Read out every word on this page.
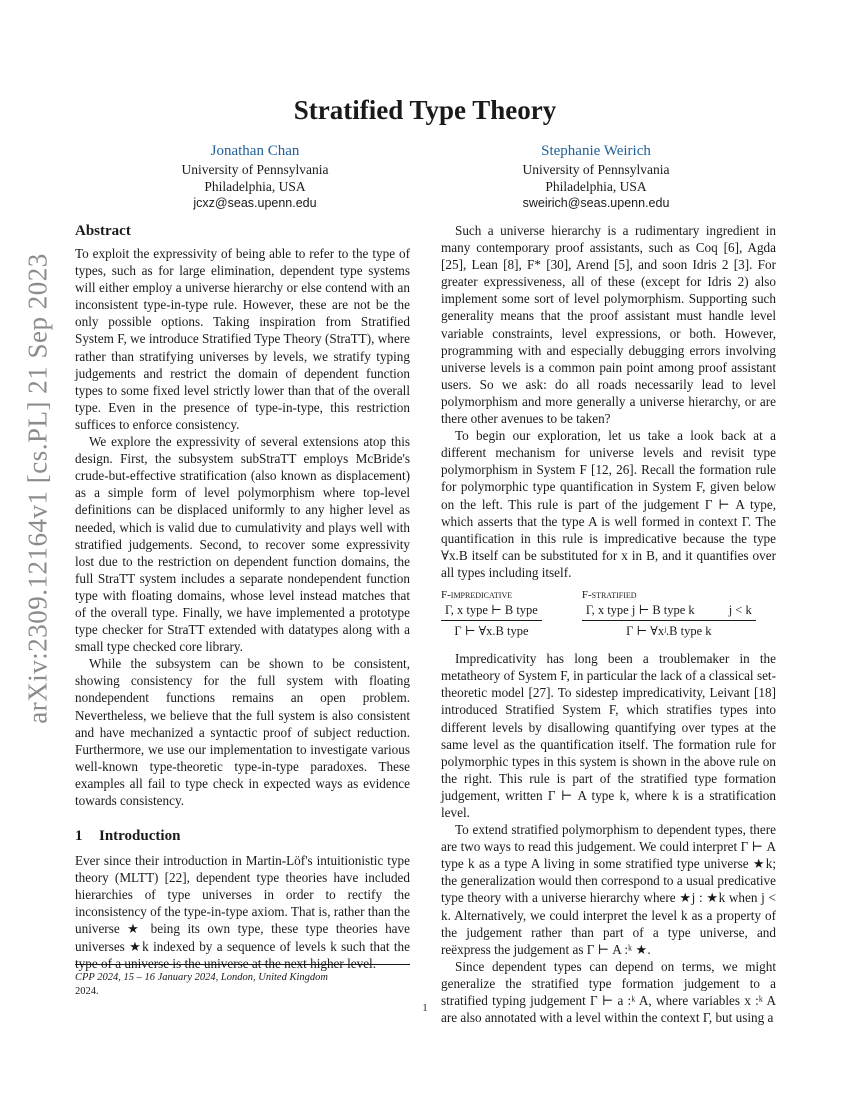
arXiv:2309.12164v1 [cs.PL] 21 Sep 2023
Stratified Type Theory
Jonathan Chan
University of Pennsylvania
Philadelphia, USA
jcxz@seas.upenn.edu
Stephanie Weirich
University of Pennsylvania
Philadelphia, USA
sweirich@seas.upenn.edu
Abstract

To exploit the expressivity of being able to refer to the type of types, such as for large elimination, dependent type systems will either employ a universe hierarchy or else contend with an inconsistent type-in-type rule. However, these are not be the only possible options. Taking inspiration from Stratified System F, we introduce Stratified Type Theory (StraTT), where rather than stratifying universes by levels, we stratify typing judgements and restrict the domain of dependent function types to some fixed level strictly lower than that of the overall type. Even in the presence of type-in-type, this restriction suffices to enforce consistency.

We explore the expressivity of several extensions atop this design. First, the subsystem subStraTT employs McBride's crude-but-effective stratification (also known as displacement) as a simple form of level polymorphism where top-level definitions can be displaced uniformly to any higher level as needed, which is valid due to cumulativity and plays well with stratified judgements. Second, to recover some expressivity lost due to the restriction on dependent function domains, the full StraTT system includes a separate nondependent function type with floating domains, whose level instead matches that of the overall type. Finally, we have implemented a prototype type checker for StraTT extended with datatypes along with a small type checked core library.

While the subsystem can be shown to be consistent, showing consistency for the full system with floating nondependent functions remains an open problem. Nevertheless, we believe that the full system is also consistent and have mechanized a syntactic proof of subject reduction. Furthermore, we use our implementation to investigate various well-known type-theoretic type-in-type paradoxes. These examples all fail to type check in expected ways as evidence towards consistency.

1 Introduction

Ever since their introduction in Martin-Löf's intuitionistic type theory (MLTT) [22], dependent type theories have included hierarchies of type universes in order to rectify the inconsistency of the type-in-type axiom. That is, rather than the universe ★ being its own type, these type theories have universes ★k indexed by a sequence of levels k such that the type of a universe is the universe at the next higher level.

Such a universe hierarchy is a rudimentary ingredient in many contemporary proof assistants, such as Coq [6], Agda [25], Lean [8], F* [30], Arend [5], and soon Idris 2 [3]. For greater expressiveness, all of these (except for Idris 2) also implement some sort of level polymorphism. Supporting such generality means that the proof assistant must handle level variable constraints, level expressions, or both. However, programming with and especially debugging errors involving universe levels is a common pain point among proof assistant users. So we ask: do all roads necessarily lead to level polymorphism and more generally a universe hierarchy, or are there other avenues to be taken?

To begin our exploration, let us take a look back at a different mechanism for universe levels and revisit type polymorphism in System F [12, 26]. Recall the formation rule for polymorphic type quantification in System F, given below on the left. This rule is part of the judgement Γ ⊢ A type, which asserts that the type A is well formed in context Γ. The quantification in this rule is impredicative because the type ∀x.B itself can be substituted for x in B, and it quantifies over all types including itself.

F-impredicative
Γ, x type ⊢ B type
Γ ⊢ ∀x.B type
F-stratified
Γ, x type j ⊢ B type k	j < k
Γ ⊢ ∀xʲ.B type k

Impredicativity has long been a troublemaker in the metatheory of System F, in particular the lack of a classical set-theoretic model [27]. To sidestep impredicativity, Leivant [18] introduced Stratified System F, which stratifies types into different levels by disallowing quantifying over types at the same level as the quantification itself. The formation rule for polymorphic types in this system is shown in the above rule on the right. This rule is part of the stratified type formation judgement, written Γ ⊢ A type k, where k is a stratification level.

To extend stratified polymorphism to dependent types, there are two ways to read this judgement. We could interpret Γ ⊢ A type k as a type A living in some stratified type universe ★k; the generalization would then correspond to a usual predicative type theory with a universe hierarchy where ★j : ★k when j < k. Alternatively, we could interpret the level k as a property of the judgement rather than part of a type universe, and reëxpress the judgement as Γ ⊢ A :ᵏ ★.

Since dependent types can depend on terms, we might generalize the stratified type formation judgement to a stratified typing judgement Γ ⊢ a :ᵏ A, where variables x :ᵏ A are also annotated with a level within the context Γ, but using a

CPP 2024, 15 – 16 January 2024, London, United Kingdom
2024.
1
